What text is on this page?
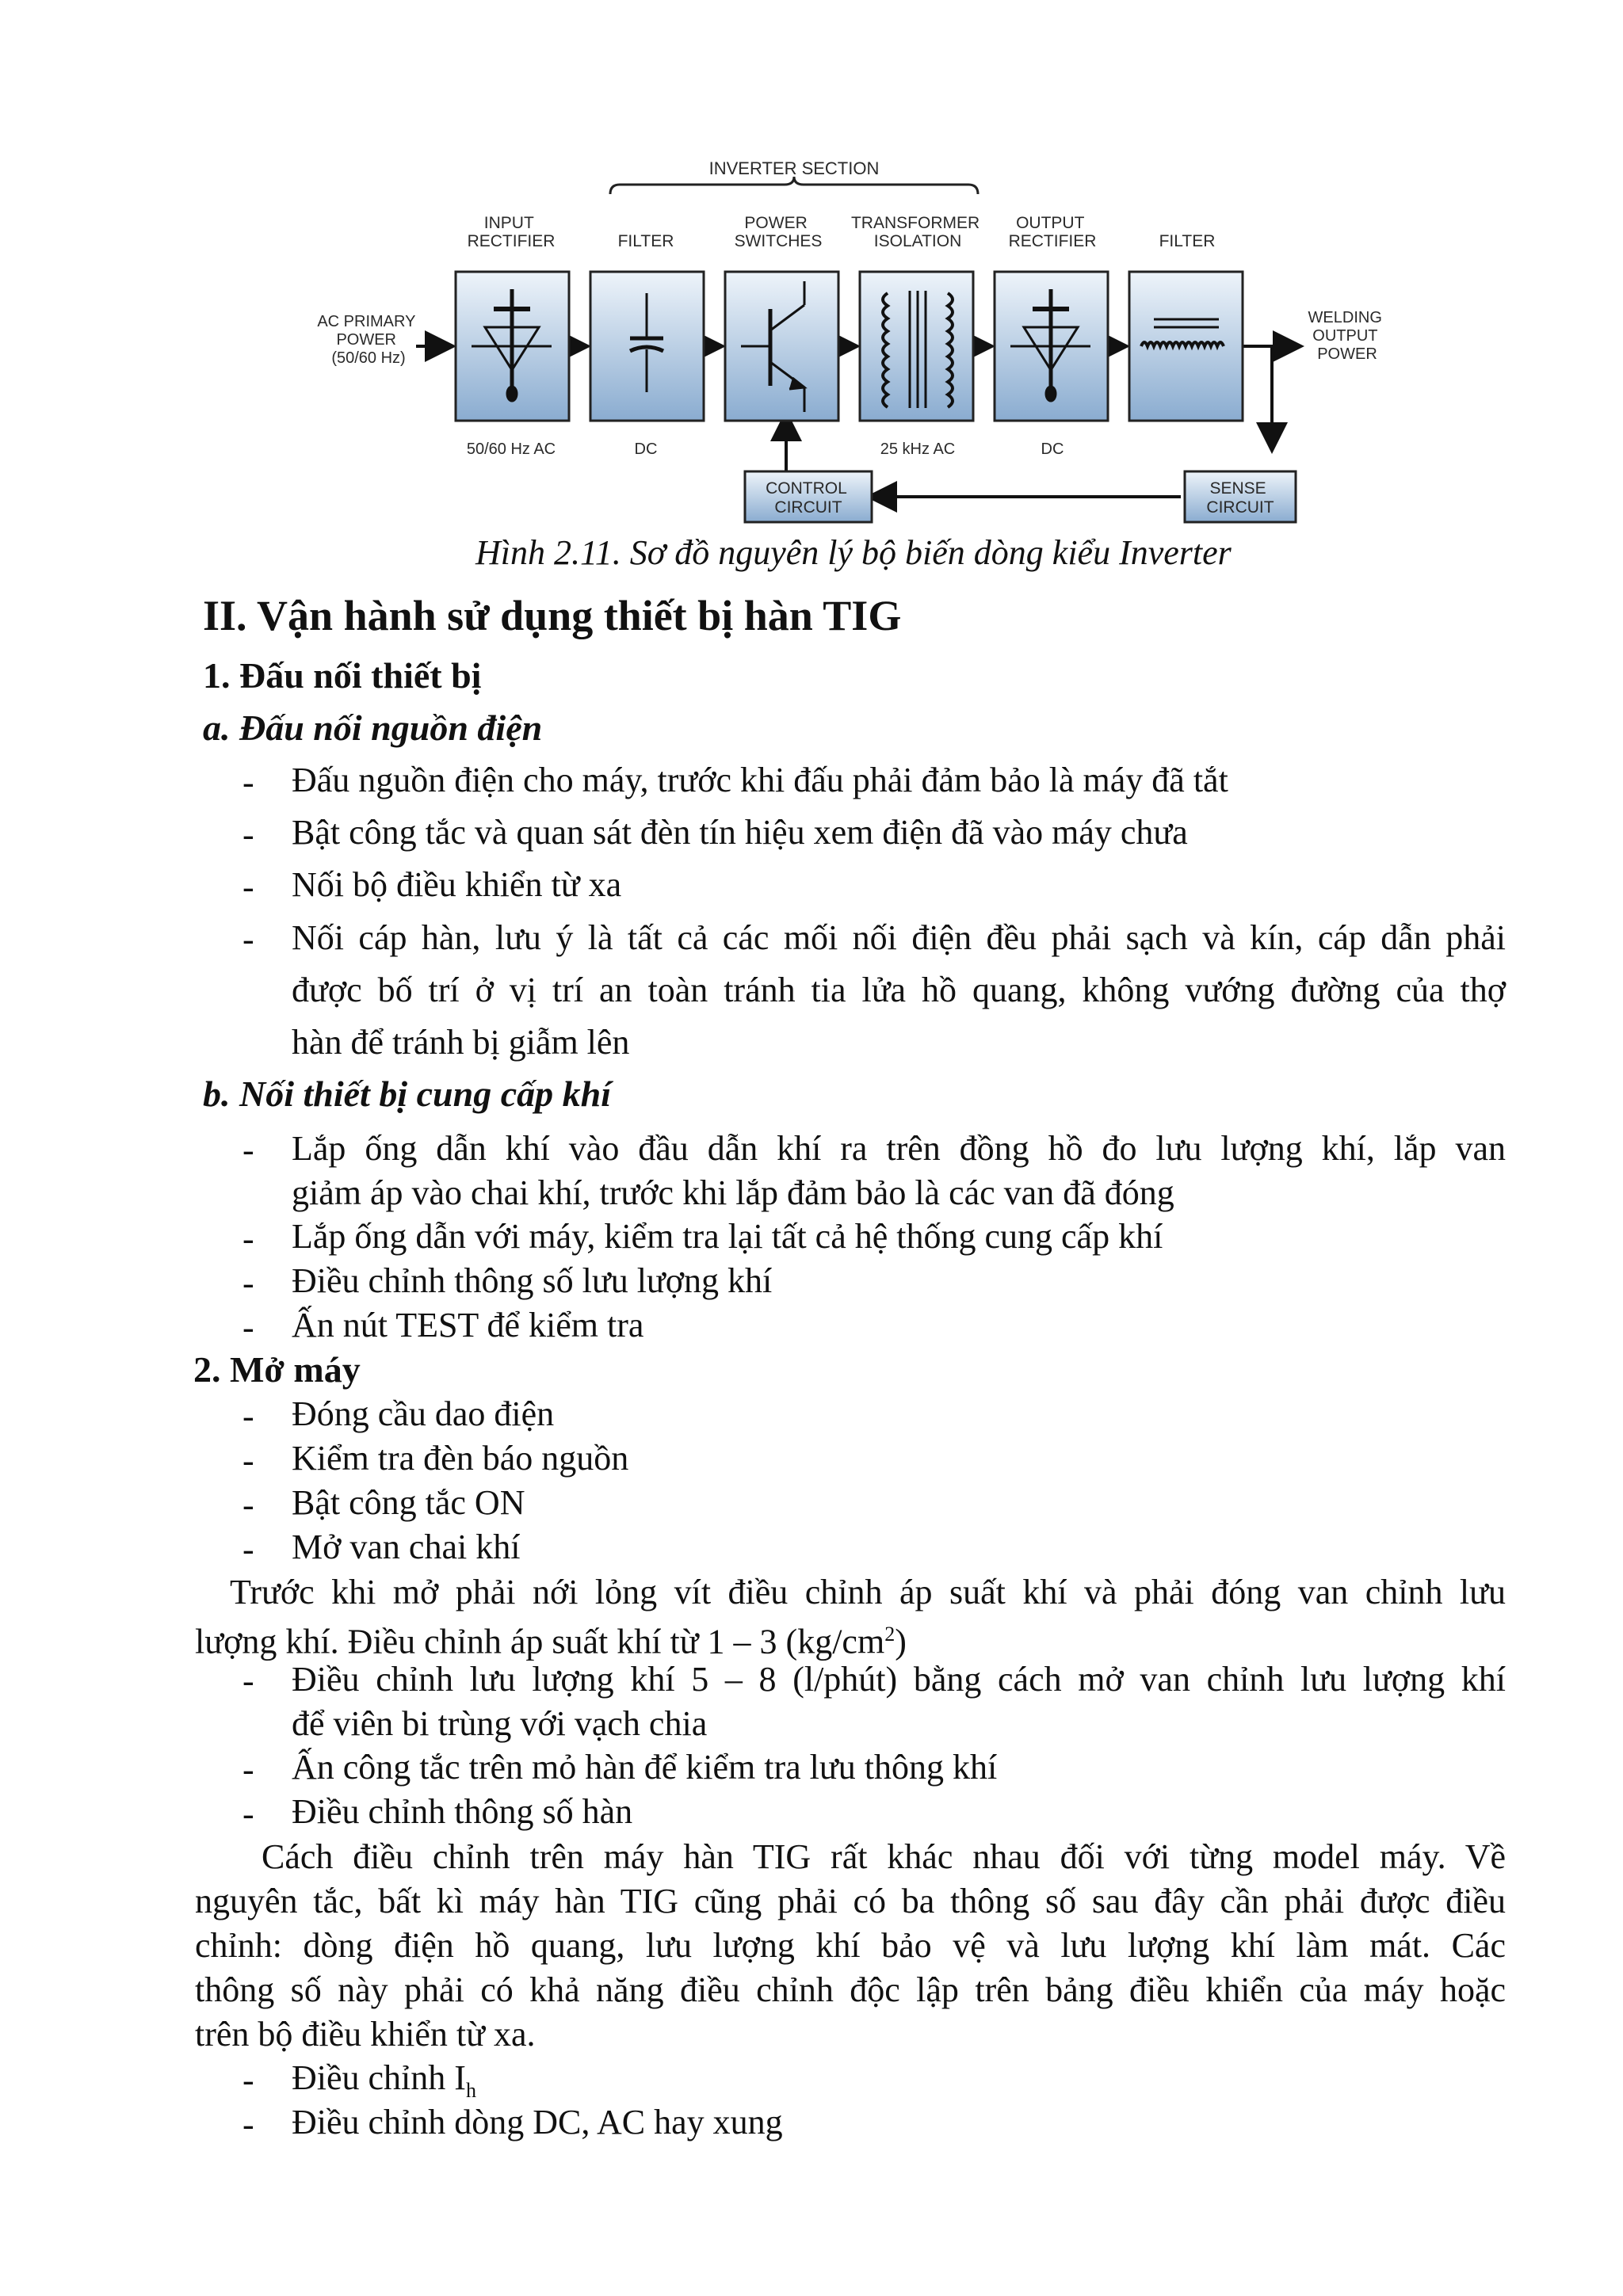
INVERTER SECTION
INPUT RECTIFIER	FILTER
POWER SWITCHES
TRANSFORMER ISOLATION
OUTPUT RECTIFIER	FILTER
AC PRIMARY POWER (50/60 Hz)
WELDING OUTPUT POWER
50/60 Hz AC	DC	25 kHz AC	DC
CONTROL CIRCUIT
SENSE CIRCUIT
Hình 2.11. Sơ đồ nguyên lý bộ biến dòng kiểu Inverter
II. Vận hành sử dụng thiết bị hàn TIG
1. Đấu nối thiết bị
a. Đấu nối nguồn điện
- Đấu nguồn điện cho máy, trước khi đấu phải đảm bảo là máy đã tắt
- Bật công tắc và quan sát đèn tín hiệu xem điện đã vào máy chưa
- Nối bộ điều khiển từ xa
- Nối cáp hàn, lưu ý là tất cả các mối nối điện đều phải sạch và kín, cáp dẫn phải
được bố trí ở vị trí an toàn tránh tia lửa hồ quang, không vướng đường của thợ
hàn để tránh bị giẫm lên
b. Nối thiết bị cung cấp khí
- Lắp ống dẫn khí vào đầu dẫn khí ra trên đồng hồ đo lưu lượng khí, lắp van
giảm áp vào chai khí, trước khi lắp đảm bảo là các van đã đóng
- Lắp ống dẫn với máy, kiểm tra lại tất cả hệ thống cung cấp khí
- Điều chỉnh thông số lưu lượng khí
- Ấn nút TEST để kiểm tra
2. Mở máy
- Đóng cầu dao điện
- Kiểm tra đèn báo nguồn
- Bật công tắc ON
- Mở van chai khí
Trước khi mở phải nới lỏng vít điều chỉnh áp suất khí và phải đóng van chỉnh lưu
lượng khí. Điều chỉnh áp suất khí từ 1 – 3 $(kg/cm^2)$
- Điều chỉnh lưu lượng khí 5 – 8 (l/phút) bằng cách mở van chỉnh lưu lượng khí
để viên bi trùng với vạch chia
- Ấn công tắc trên mỏ hàn để kiểm tra lưu thông khí
- Điều chỉnh thông số hàn
Cách điều chỉnh trên máy hàn TIG rất khác nhau đối với từng model máy. Về
nguyên tắc, bất kì máy hàn TIG cũng phải có ba thông số sau đây cần phải được điều
chỉnh: dòng điện hồ quang, lưu lượng khí bảo vệ và lưu lượng khí làm mát. Các
thông số này phải có khả năng điều chỉnh độc lập trên bảng điều khiển của máy hoặc
trên bộ điều khiển từ xa.
- Điều chỉnh $I_h$
- Điều chỉnh dòng DC, AC hay xung
